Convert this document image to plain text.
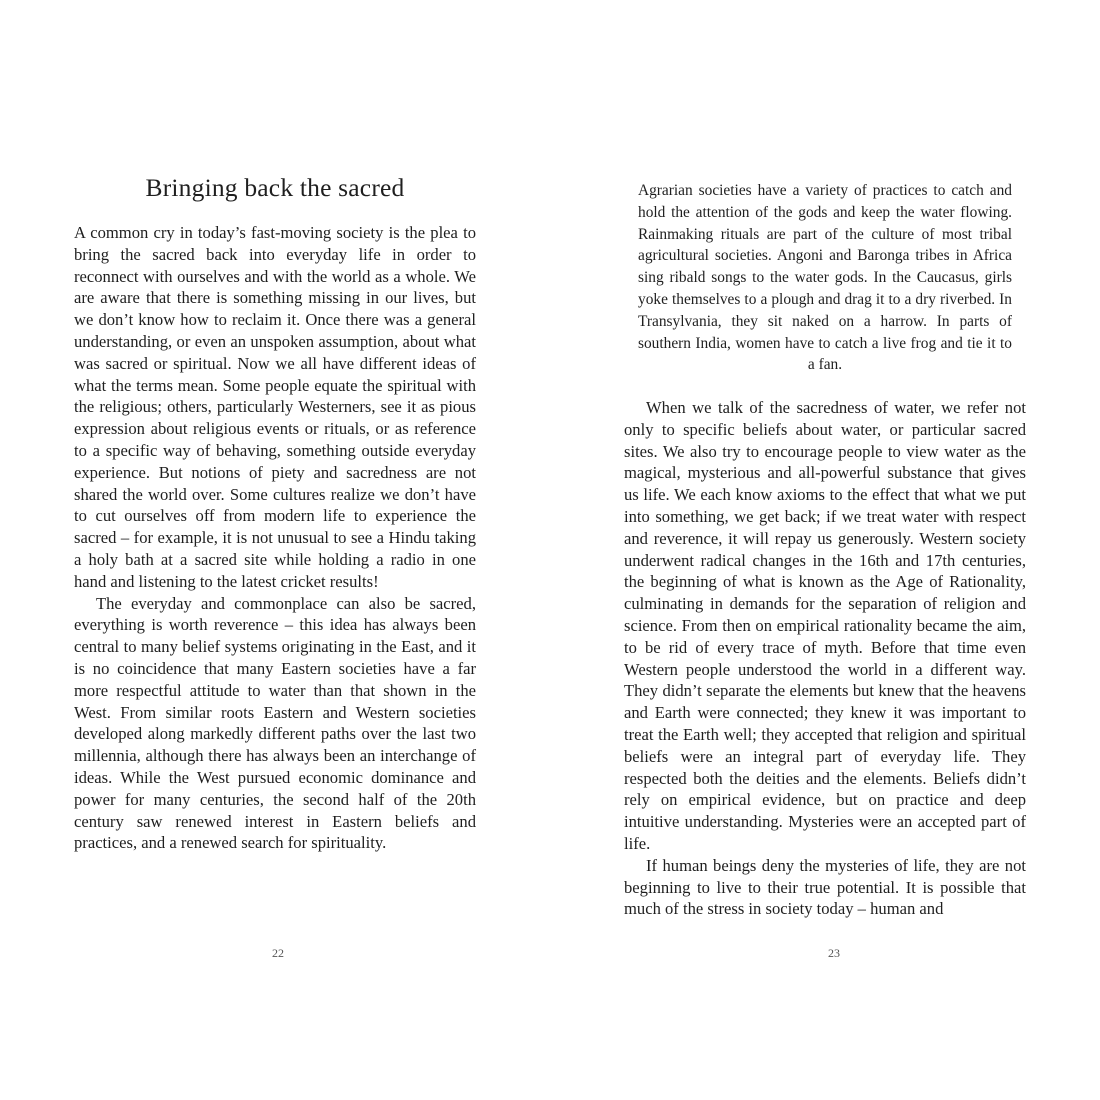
Bringing back the sacred

A common cry in today’s fast-moving society is the plea to bring the sacred back into everyday life in order to reconnect with ourselves and with the world as a whole. We are aware that there is something missing in our lives, but we don’t know how to reclaim it. Once there was a general understanding, or even an unspoken assumption, about what was sacred or spiritual. Now we all have different ideas of what the terms mean. Some people equate the spiritual with the religious; others, particularly Westerners, see it as pious expression about religious events or rituals, or as reference to a specific way of behaving, something outside everyday experience. But notions of piety and sacredness are not shared the world over. Some cultures realize we don’t have to cut ourselves off from modern life to experience the sacred – for example, it is not unusual to see a Hindu taking a holy bath at a sacred site while holding a radio in one hand and listening to the latest cricket results!

The everyday and commonplace can also be sacred, everything is worth reverence – this idea has always been central to many belief systems originating in the East, and it is no coincidence that many Eastern societies have a far more respectful attitude to water than that shown in the West. From similar roots Eastern and Western societies developed along markedly different paths over the last two millennia, although there has always been an interchange of ideas. While the West pursued economic dominance and power for many centuries, the second half of the 20th century saw renewed interest in Eastern beliefs and practices, and a renewed search for spirituality.

22

Agrarian societies have a variety of practices to catch and hold the attention of the gods and keep the water flowing. Rainmaking rituals are part of the culture of most tribal agricultural societies. Angoni and Baronga tribes in Africa sing ribald songs to the water gods. In the Caucasus, girls yoke themselves to a plough and drag it to a dry riverbed. In Transylvania, they sit naked on a harrow. In parts of southern India, women have to catch a live frog and tie it to a fan.

When we talk of the sacredness of water, we refer not only to specific beliefs about water, or particular sacred sites. We also try to encourage people to view water as the magical, mysterious and all-powerful substance that gives us life. We each know axioms to the effect that what we put into something, we get back; if we treat water with respect and reverence, it will repay us generously. Western society underwent radical changes in the 16th and 17th centuries, the beginning of what is known as the Age of Rationality, culminating in demands for the separation of religion and science. From then on empirical rationality became the aim, to be rid of every trace of myth. Before that time even Western people understood the world in a different way. They didn’t separate the elements but knew that the heavens and Earth were connected; they knew it was important to treat the Earth well; they accepted that religion and spiritual beliefs were an integral part of everyday life. They respected both the deities and the elements. Beliefs didn’t rely on empirical evidence, but on practice and deep intuitive understanding. Mysteries were an accepted part of life.

If human beings deny the mysteries of life, they are not beginning to live to their true potential. It is possible that much of the stress in society today – human and

23
